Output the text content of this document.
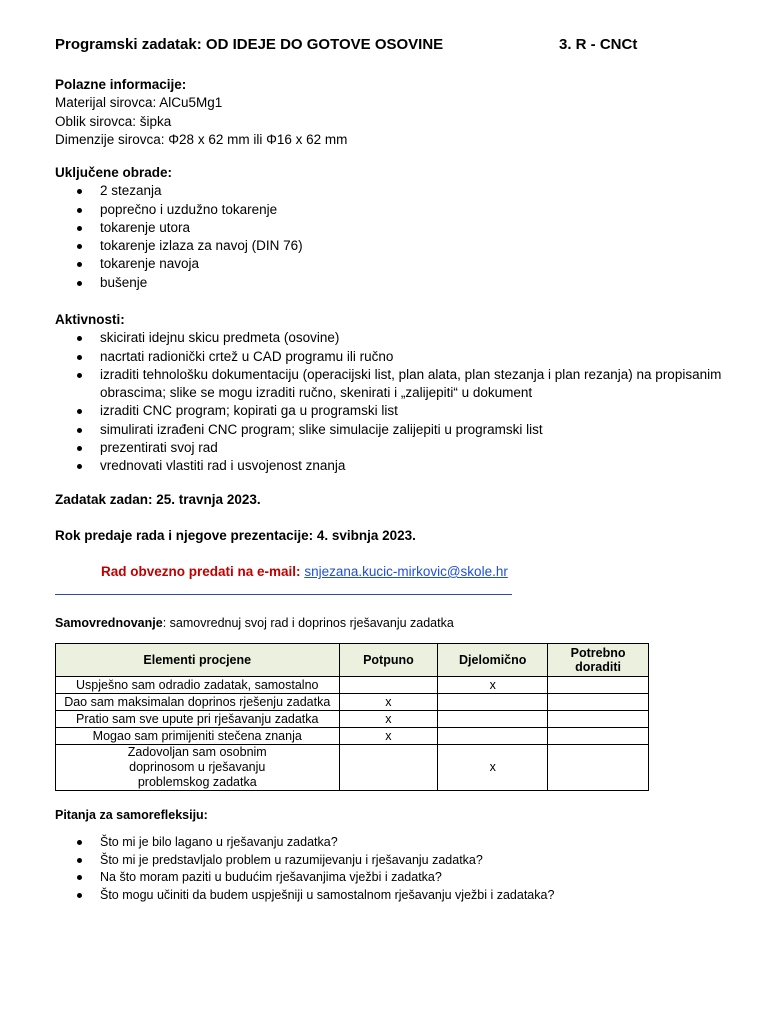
Programski zadatak: OD IDEJE DO GOTOVE OSOVINE	3. R - CNCt
Polazne informacije:
Materijal sirovca: AlCu5Mg1
Oblik sirovca: šipka
Dimenzije sirovca: Φ28 x 62 mm ili Φ16 x 62 mm
Uključene obrade:
2 stezanja
poprečno i uzdužno tokarenje
tokarenje utora
tokarenje izlaza za navoj (DIN 76)
tokarenje navoja
bušenje
Aktivnosti:
skicirati idejnu skicu predmeta (osovine)
nacrtati radionički crtež u CAD programu ili ručno
izraditi tehnološku dokumentaciju (operacijski list, plan alata, plan stezanja i plan rezanja) na propisanim obrascima; slike se mogu izraditi ručno, skenirati i „zalijepiti“ u dokument
izraditi CNC program; kopirati ga u programski list
simulirati izrađeni CNC program; slike simulacije zalijepiti u programski list
prezentirati svoj rad
vrednovati vlastiti rad i usvojenost znanja
Zadatak zadan: 25. travnja 2023.
Rok predaje rada i njegove prezentacije: 4. svibnja 2023.
Rad obvezno predati na e-mail: snjezana.kucic-mirkovic@skole.hr
Samovrednovanje: samovrednuj svoj rad i doprinos rješavanju zadatka
Elementi procjene	Potpuno	Djelomično	Potrebno doraditi
Uspješno sam odradio zadatak, samostalno		x	
Dao sam maksimalan doprinos rješenju zadatka	x		
Pratio sam sve upute pri rješavanju zadatka	x		
Mogao sam primijeniti stečena znanja	x		
Zadovoljan sam osobnim doprinosom u rješavanju problemskog zadatka		x	
Pitanja za samorefleksiju:
Što mi je bilo lagano u rješavanju zadatka?
Što mi je predstavljalo problem u razumijevanju i rješavanju zadatka?
Na što moram paziti u budućim rješavanjima vježbi i zadatka?
Što mogu učiniti da budem uspješniji u samostalnom rješavanju vježbi i zadataka?
